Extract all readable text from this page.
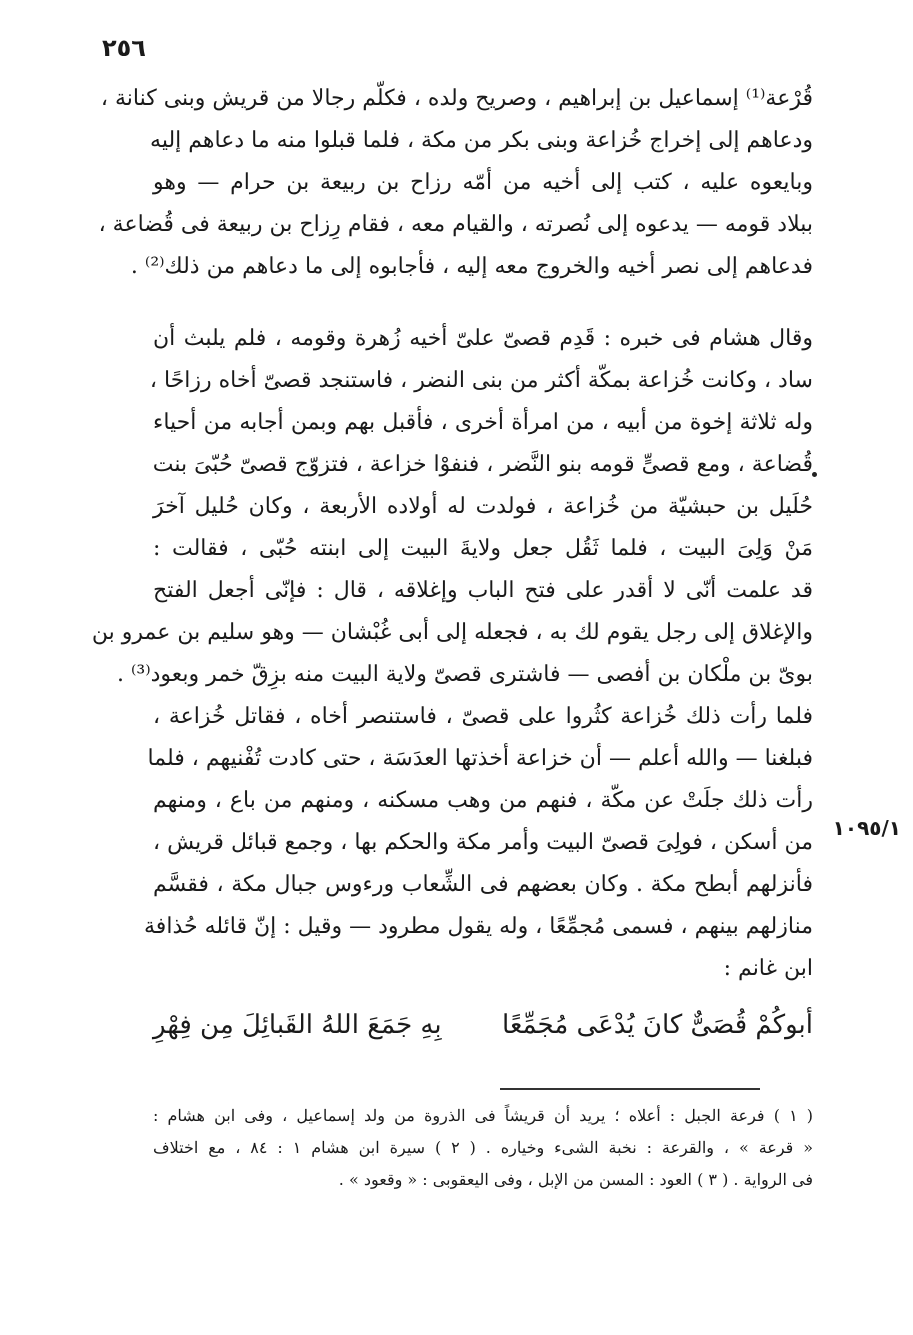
٢٥٦
١٠٩٥/١
قُرْعة⁽¹⁾ إسماعيل بن إبراهيم ، وصريح ولده ، فكلّم رجالا من قريش وبنى كنانة ،
ودعاهم إلى إخراج خُزاعة وبنى بكر من مكة ، فلما قبلوا منه ما دعاهم إليه
وبايعوه عليه ، كتب إلى أخيه من أمّه رزاح بن ربيعة بن حرام — وهو
ببلاد قومه — يدعوه إلى نُصرته ، والقيام معه ، فقام رِزاح بن ربيعة فى قُضاعة ،
فدعاهم إلى نصر أخيه والخروج معه إليه ، فأجابوه إلى ما دعاهم من ذلك⁽²⁾ .
وقال هشام فى خبره : قَدِم قصىّ علىّ أخيه زُهرة وقومه ، فلم يلبث أن
ساد ، وكانت خُزاعة بمكّة أكثر من بنى النضر ، فاستنجد قصىّ أخاه رزاحًا ،
وله ثلاثة إخوة من أبيه ، من امرأة أخرى ، فأقبل بهم وبمن أجابه من أحياء
قُضاعة ، ومع قصىٍّ قومه بنو النَّضر ، فنفوْا خزاعة ، فتزوّج قصىّ حُبّىَ بنت
حُلَيل بن حبشيّة من خُزاعة ، فولدت له أولاده الأربعة ، وكان حُليل آخرَ
مَنْ وَلِىَ البيت ، فلما ثَقُل جعل ولايةَ البيت إلى ابنته حُبّى ، فقالت :
قد علمت أنّى لا أقدر على فتح الباب وإغلاقه ، قال : فإنّى أجعل الفتح
والإغلاق إلى رجل يقوم لك به ، فجعله إلى أبى غُبْشان — وهو سليم بن عمرو بن
بوىّ بن ملْكان بن أفصى — فاشترى قصىّ ولاية البيت منه بزِقّ خمر وبعود⁽³⁾ .
فلما رأت ذلك خُزاعة كثُروا على قصىّ ، فاستنصر أخاه ، فقاتل خُزاعة ،
فبلغنا — والله أعلم — أن خزاعة أخذتها العدَسَة ، حتى كادت تُفْنيهم ، فلما
رأت ذلك جلَتْ عن مكّة ، فنهم من وهب مسكنه ، ومنهم من باع ، ومنهم
من أسكن ، فولِىَ قصىّ البيت وأمر مكة والحكم بها ، وجمع قبائل قريش ،
فأنزلهم أبطح مكة . وكان بعضهم فى الشِّعاب ورءوس جبال مكة ، فقسَّم
منازلهم بينهم ، فسمى مُجمِّعًا ، وله يقول مطرود — وقيل : إنّ قائله حُذافة
ابن غانم :
أبوكُمْ قُصَىٌّ كانَ يُدْعَى مُجَمِّعًا
بِهِ جَمَعَ اللهُ القَبائِلَ مِن فِهْرِ
( ١ ) فرعة الجبل : أعلاه ؛ يريد أن قريشاً فى الذروة من ولد إسماعيل ، وفى ابن هشام :
« قرعة » ، والقرعة : نخبة الشىء وخياره . ( ٢ ) سيرة ابن هشام ١ : ٨٤ ، مع اختلاف
فى الرواية . ( ٣ ) العود : المسن من الإبل ، وفى اليعقوبى : « وقعود » .
